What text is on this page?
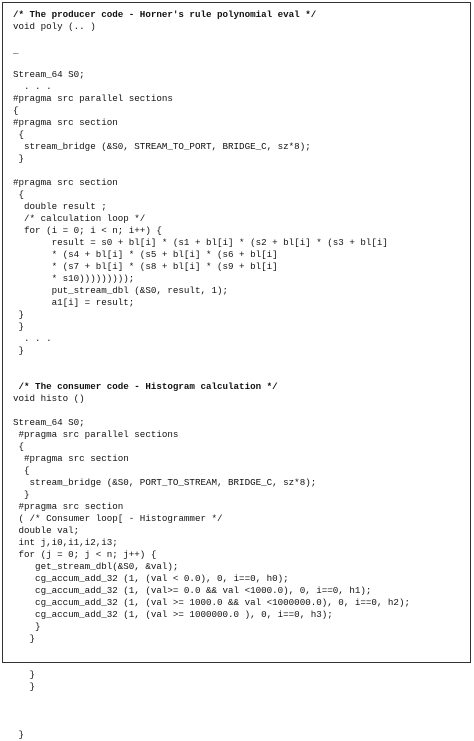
/* The producer code - Horner's rule polynomial eval */
void poly (.. )

_

Stream_64 S0;
. . .
#pragma src parallel sections
{
#pragma src section
{
stream_bridge (&S0, STREAM_TO_PORT, BRIDGE_C, sz*8);
}

#pragma src section
{
double result ;
/* calculation loop */
for (i = 0; i < n; i++) {
result = s0 + bl[i] * (s1 + bl[i] * (s2 + bl[i] * (s3 + bl[i]
* (s4 + bl[i] * (s5 + bl[i] * (s6 + bl[i]
* (s7 + bl[i] * (s8 + bl[i] * (s9 + bl[i]
* s10)))))))));
put_stream_dbl (&S0, result, 1);
a1[i] = result;
}
}
. . .
}

/* The consumer code - Histogram calculation */
void histo ()

Stream_64 S0;
#pragma src parallel sections
{
#pragma src section
{
stream_bridge (&S0, PORT_TO_STREAM, BRIDGE_C, sz*8);
}
#pragma src section
( /* Consumer loop[ - Histogrammer */
double val;
int j,i0,i1,i2,i3;
for (j = 0; j < n; j++) {
get_stream_dbl(&S0, &val);
cg_accum_add_32 (1, (val < 0.0), 0, i==0, h0);
cg_accum_add_32 (1, (val>= 0.0 && val <1000.0), 0, i==0, h1);
cg_accum_add_32 (1, (val >= 1000.0 && val <1000000.0), 0, i==0, h2);
cg_accum_add_32 (1, (val >= 1000000.0 ), 0, i==0, h3);
}
}

}
}

}
